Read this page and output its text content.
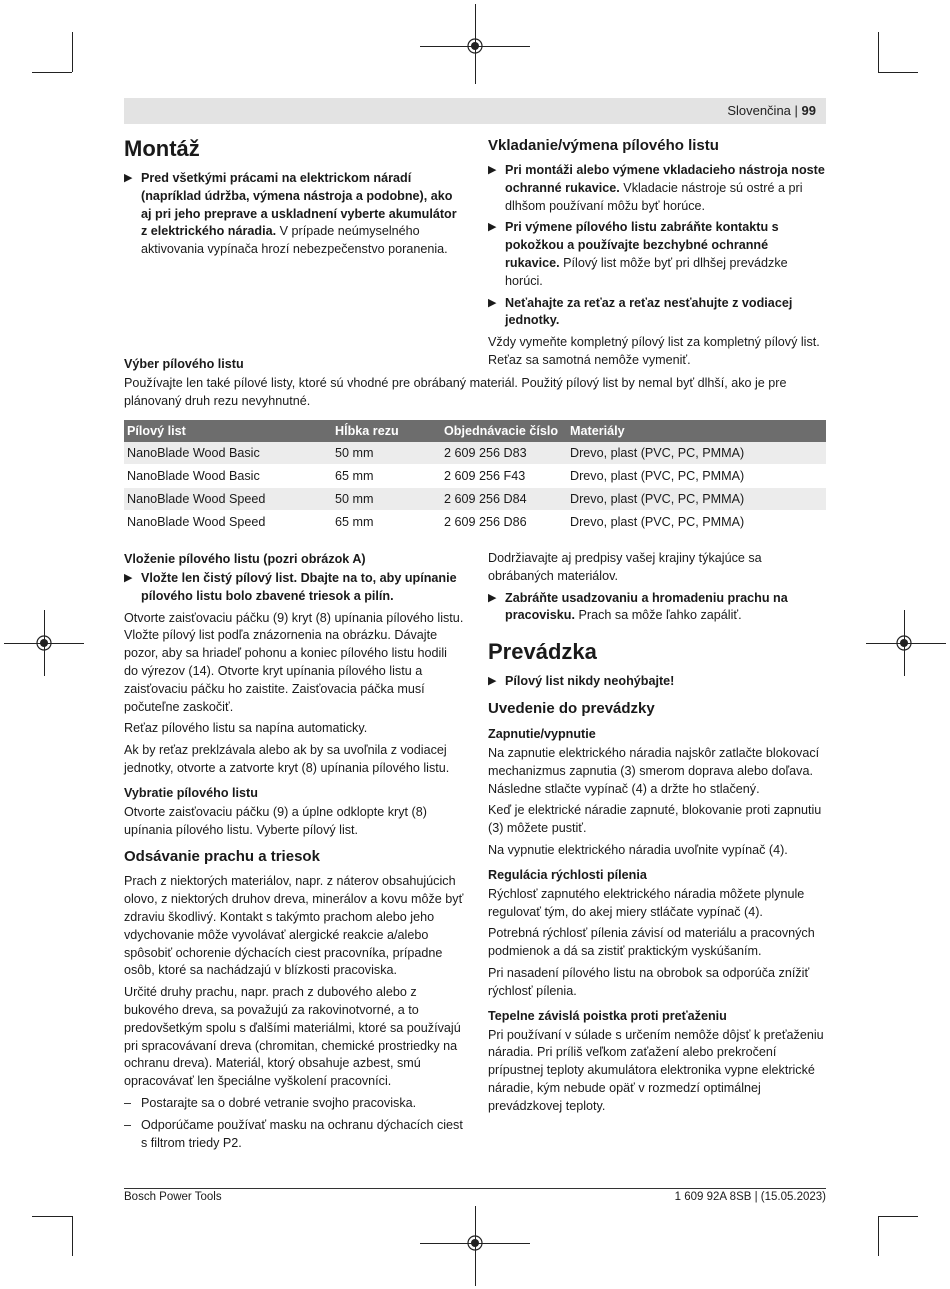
Slovenčina | 99
Montáž
▶ Pred všetkými prácami na elektrickom náradí (napríklad údržba, výmena nástroja a podobne), ako aj pri jeho preprave a uskladnení vyberte akumulátor z elektrického náradia. V prípade neúmyselného aktivovania vypínača hrozí nebezpečenstvo poranenia.
Vkladanie/výmena pílového listu
▶ Pri montáži alebo výmene vkladacieho nástroja noste ochranné rukavice. Vkladacie nástroje sú ostré a pri dlhšom používaní môžu byť horúce.
▶ Pri výmene pílového listu zabráňte kontaktu s pokožkou a používajte bezchybné ochranné rukavice. Pílový list môže byť pri dlhšej prevádzke horúci.
▶ Neťahajte za reťaz a reťaz nesťahujte z vodiacej jednotky.

Vždy vymeňte kompletný pílový list za kompletný pílový list. Reťaz sa samotná nemôže vymeniť.

Výber pílového listu

Používajte len také pílové listy, ktoré sú vhodné pre obrábaný materiál. Použitý pílový list by nemal byť dlhší, ako je pre plánovaný druh rezu nevyhnutné.

Pílový list	Hĺbka rezu	Objednávacie číslo	Materiály
NanoBlade Wood Basic	50 mm	2 609 256 D83	Drevo, plast (PVC, PC, PMMA)
NanoBlade Wood Basic	65 mm	2 609 256 F43	Drevo, plast (PVC, PC, PMMA)
NanoBlade Wood Speed	50 mm	2 609 256 D84	Drevo, plast (PVC, PC, PMMA)
NanoBlade Wood Speed	65 mm	2 609 256 D86	Drevo, plast (PVC, PC, PMMA)
Vloženie pílového listu (pozri obrázok A)
▶ Vložte len čistý pílový list. Dbajte na to, aby upínanie pílového listu bolo zbavené triesok a pilín.

Otvorte zaisťovaciu páčku (9) kryt (8) upínania pílového listu. Vložte pílový list podľa znázornenia na obrázku. Dávajte pozor, aby sa hriadeľ pohonu a koniec pílového listu hodili do výrezov (14). Otvorte kryt upínania pílového listu a zaisťovaciu páčku ho zaistite. Zaisťovacia páčka musí počuteľne zaskočiť.

Reťaz pílového listu sa napína automaticky.

Ak by reťaz preklzávala alebo ak by sa uvoľnila z vodiacej jednotky, otvorte a zatvorte kryt (8) upínania pílového listu.

Vybratie pílového listu

Otvorte zaisťovaciu páčku (9) a úplne odklopte kryt (8) upínania pílového listu. Vyberte pílový list.

Odsávanie prachu a triesok

Prach z niektorých materiálov, napr. z náterov obsahujúcich olovo, z niektorých druhov dreva, minerálov a kovu môže byť zdraviu škodlivý. Kontakt s takýmto prachom alebo jeho vdychovanie môže vyvolávať alergické reakcie a/alebo spôsobiť ochorenie dýchacích ciest pracovníka, prípadne osôb, ktoré sa nachádzajú v blízkosti pracoviska.

Určité druhy prachu, napr. prach z dubového alebo z bukového dreva, sa považujú za rakovinotvorné, a to predovšetkým spolu s ďalšími materiálmi, ktoré sa používajú pri spracovávaní dreva (chromitan, chemické prostriedky na ochranu dreva). Materiál, ktorý obsahuje azbest, smú opracovávať len špeciálne vyškolení pracovníci.

– Postarajte sa o dobré vetranie svojho pracoviska.
– Odporúčame používať masku na ochranu dýchacích ciest s filtrom triedy P2.

Dodržiavajte aj predpisy vašej krajiny týkajúce sa obrábaných materiálov.

▶ Zabráňte usadzovaniu a hromadeniu prachu na pracovisku. Prach sa môže ľahko zapáliť.
Prevádzka
▶ Pílový list nikdy neohýbajte!
Uvedenie do prevádzky
Zapnutie/vypnutie

Na zapnutie elektrického náradia najskôr zatlačte blokovací mechanizmus zapnutia (3) smerom doprava alebo doľava. Následne stlačte vypínač (4) a držte ho stlačený.

Keď je elektrické náradie zapnuté, blokovanie proti zapnutiu (3) môžete pustiť.

Na vypnutie elektrického náradia uvoľnite vypínač (4).

Regulácia rýchlosti pílenia

Rýchlosť zapnutého elektrického náradia môžete plynule regulovať tým, do akej miery stláčate vypínač (4).

Potrebná rýchlosť pílenia závisí od materiálu a pracovných podmienok a dá sa zistiť praktickým vyskúšaním.

Pri nasadení pílového listu na obrobok sa odporúča znížiť rýchlosť pílenia.

Tepelne závislá poistka proti preťaženiu

Pri používaní v súlade s určením nemôže dôjsť k preťaženiu náradia. Pri príliš veľkom zaťažení alebo prekročení prípustnej teploty akumulátora elektronika vypne elektrické náradie, kým nebude opäť v rozmedzí optimálnej prevádzkovej teploty.

Bosch Power Tools	1 609 92A 8SB | (15.05.2023)
